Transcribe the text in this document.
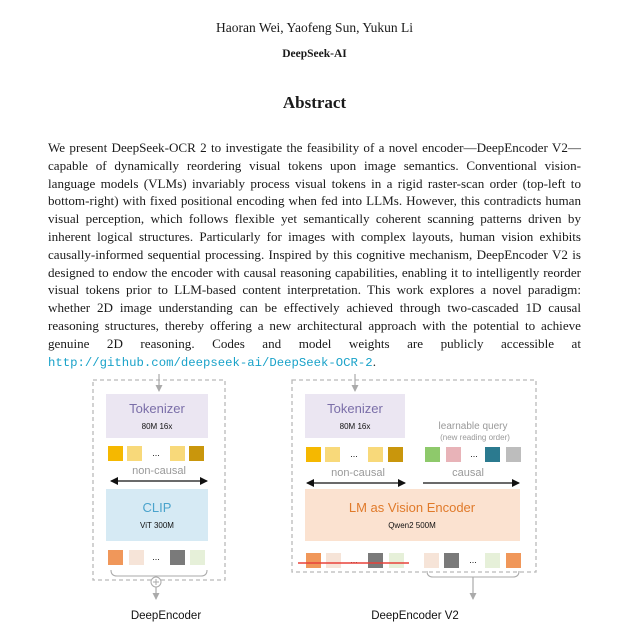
Haoran Wei, Yaofeng Sun, Yukun Li
DeepSeek-AI
Abstract
We present DeepSeek-OCR 2 to investigate the feasibility of a novel encoder—DeepEncoder V2—capable of dynamically reordering visual tokens upon image semantics. Conventional vision-language models (VLMs) invariably process visual tokens in a rigid raster-scan order (top-left to bottom-right) with fixed positional encoding when fed into LLMs. However, this contradicts human visual perception, which follows flexible yet semantically coherent scanning patterns driven by inherent logical structures. Particularly for images with complex layouts, human vision exhibits causally-informed sequential processing. Inspired by this cognitive mechanism, DeepEncoder V2 is designed to endow the encoder with causal reasoning capabilities, enabling it to intelligently reorder visual tokens prior to LLM-based content interpretation. This work explores a novel paradigm: whether 2D image understanding can be effectively achieved through two-cascaded 1D causal reasoning structures, thereby offering a new architectural approach with the potential to achieve genuine 2D reasoning. Codes and model weights are publicly accessible at http://github.com/deepseek-ai/DeepSeek-OCR-2.
Tokenizer
80M 16x
...
non-causal
CLIP
ViT 300M
...
DeepEncoder
Tokenizer
80M 16x	learnable query
(new reading order)
...	...
non-causal	causal
LM as Vision Encoder
Qwen2 500M
...	...
DeepEncoder V2
